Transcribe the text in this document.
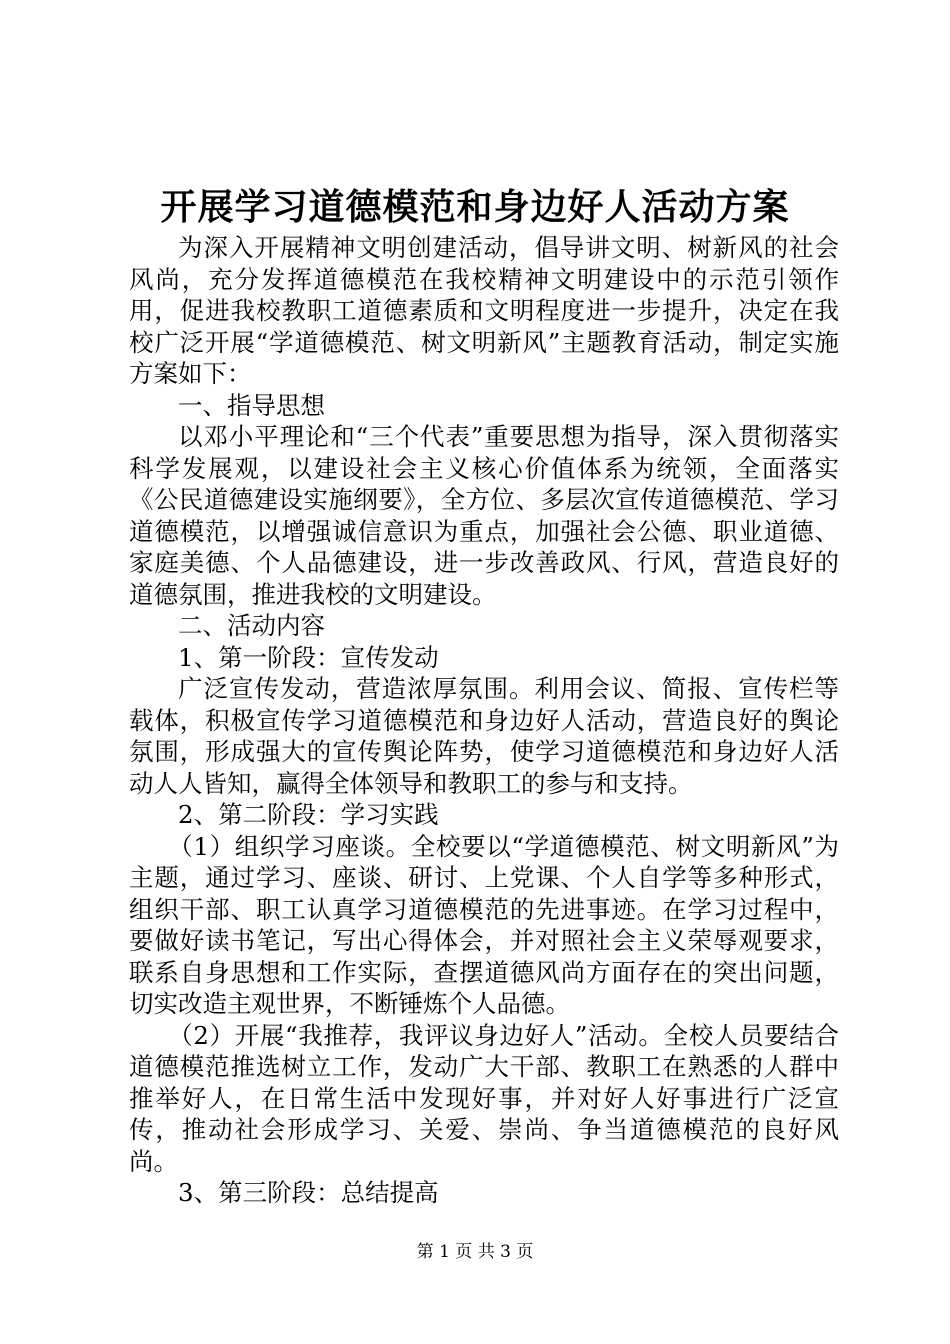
开展学习道德模范和身边好人活动方案

为深入开展精神文明创建活动，倡导讲文明、树新风的社会风尚，充分发挥道德模范在我校精神文明建设中的示范引领作用，促进我校教职工道德素质和文明程度进一步提升，决定在我校广泛开展“学道德模范、树文明新风”主题教育活动，制定实施方案如下：

一、指导思想

以邓小平理论和“三个代表”重要思想为指导，深入贯彻落实科学发展观，以建设社会主义核心价值体系为统领，全面落实《公民道德建设实施纲要》，全方位、多层次宣传道德模范、学习道德模范，以增强诚信意识为重点，加强社会公德、职业道德、家庭美德、个人品德建设，进一步改善政风、行风，营造良好的道德氛围，推进我校的文明建设。

二、活动内容

1、第一阶段：宣传发动

广泛宣传发动，营造浓厚氛围。利用会议、简报、宣传栏等载体，积极宣传学习道德模范和身边好人活动，营造良好的舆论氛围，形成强大的宣传舆论阵势，使学习道德模范和身边好人活动人人皆知，赢得全体领导和教职工的参与和支持。

2、第二阶段：学习实践

（1）组织学习座谈。全校要以“学道德模范、树文明新风”为主题，通过学习、座谈、研讨、上党课、个人自学等多种形式，组织干部、职工认真学习道德模范的先进事迹。在学习过程中，要做好读书笔记，写出心得体会，并对照社会主义荣辱观要求，联系自身思想和工作实际，查摆道德风尚方面存在的突出问题，切实改造主观世界，不断锤炼个人品德。

（2）开展“我推荐，我评议身边好人”活动。全校人员要结合道德模范推选树立工作，发动广大干部、教职工在熟悉的人群中推举好人，在日常生活中发现好事，并对好人好事进行广泛宣传，推动社会形成学习、关爱、崇尚、争当道德模范的良好风尚。

3、第三阶段：总结提高

第 1 页 共 3 页
